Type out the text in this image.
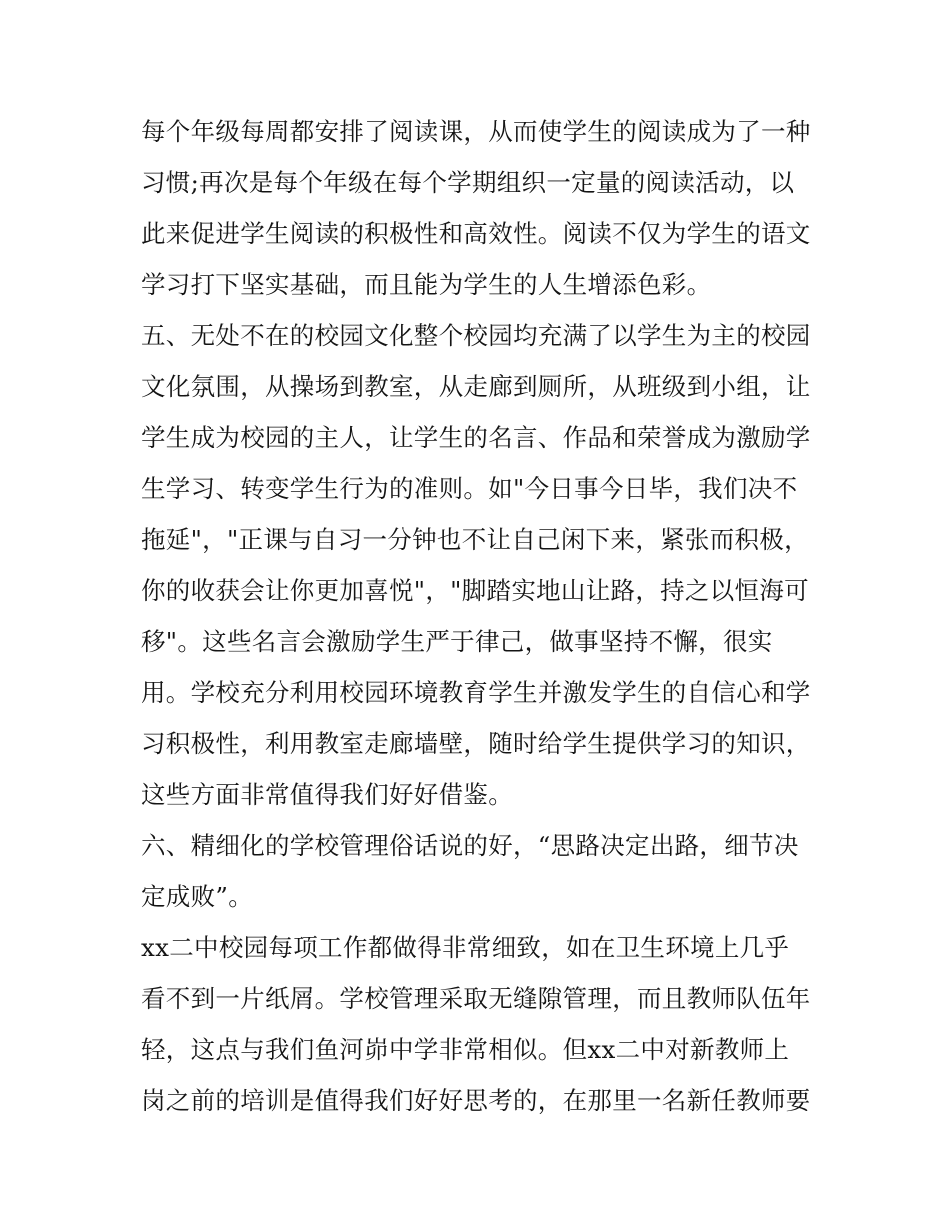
每个年级每周都安排了阅读课，从而使学生的阅读成为了一种
习惯;再次是每个年级在每个学期组织一定量的阅读活动，以
此来促进学生阅读的积极性和高效性。阅读不仅为学生的语文
学习打下坚实基础，而且能为学生的人生增添色彩。
五、无处不在的校园文化整个校园均充满了以学生为主的校园
文化氛围，从操场到教室，从走廊到厕所，从班级到小组，让
学生成为校园的主人，让学生的名言、作品和荣誉成为激励学
生学习、转变学生行为的准则。如"今日事今日毕，我们决不
拖延"，"正课与自习一分钟也不让自己闲下来，紧张而积极，
你的收获会让你更加喜悦"，"脚踏实地山让路，持之以恒海可
移"。这些名言会激励学生严于律己，做事坚持不懈，很实
用。学校充分利用校园环境教育学生并激发学生的自信心和学
习积极性，利用教室走廊墙壁，随时给学生提供学习的知识，
这些方面非常值得我们好好借鉴。
六、精细化的学校管理俗话说的好，“思路决定出路，细节决
定成败”。
xx二中校园每项工作都做得非常细致，如在卫生环境上几乎
看不到一片纸屑。学校管理采取无缝隙管理，而且教师队伍年
轻，这点与我们鱼河峁中学非常相似。但xx二中对新教师上
岗之前的培训是值得我们好好思考的，在那里一名新任教师要
